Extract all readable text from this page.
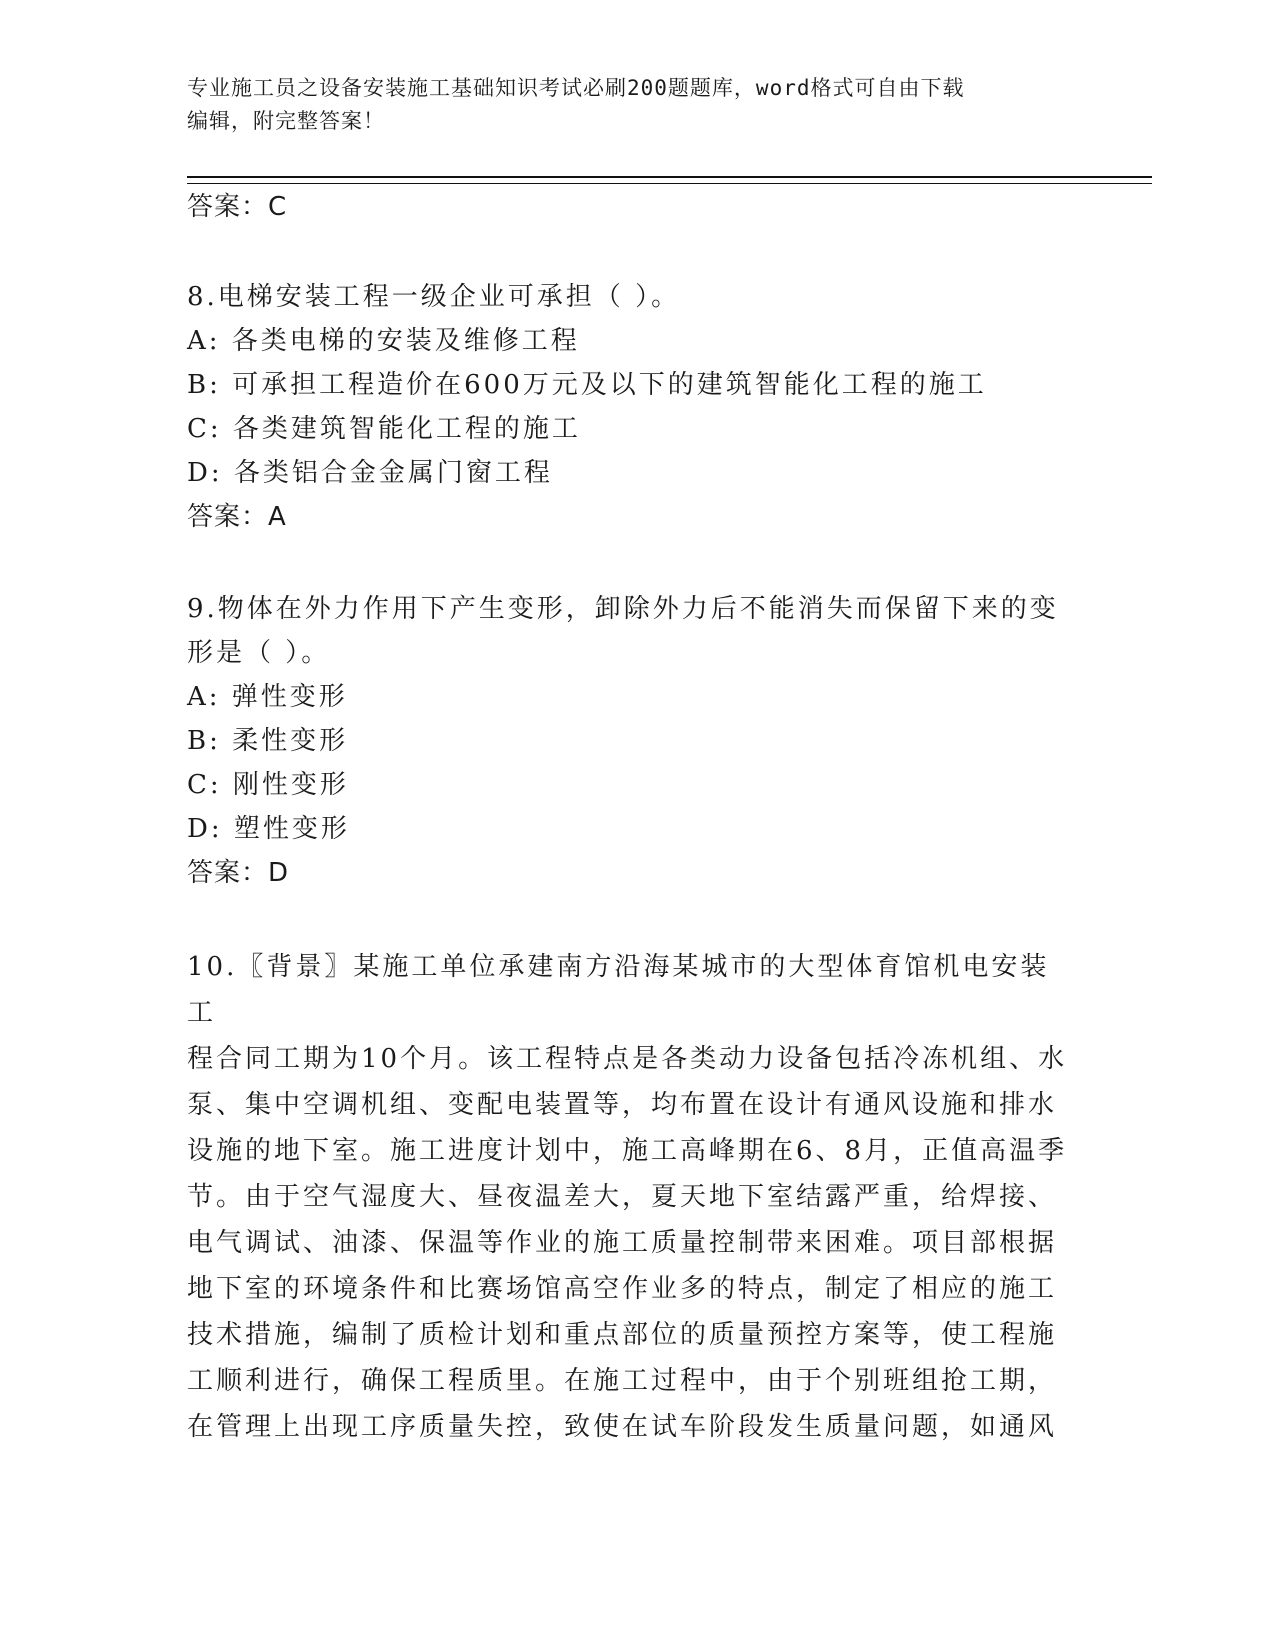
专业施工员之设备安装施工基础知识考试必刷200题题库，word格式可自由下载
编辑，附完整答案！
答案：C
8.电梯安装工程一级企业可承担（ ）。
A: 各类电梯的安装及维修工程
B: 可承担工程造价在600万元及以下的建筑智能化工程的施工
C: 各类建筑智能化工程的施工
D: 各类铝合金金属门窗工程
答案：A
9.物体在外力作用下产生变形，卸除外力后不能消失而保留下来的变
形是（ ）。
A: 弹性变形
B: 柔性变形
C: 刚性变形
D: 塑性变形
答案：D
10.〖背景〗某施工单位承建南方沿海某城市的大型体育馆机电安装工
程合同工期为10个月。该工程特点是各类动力设备包括冷冻机组、水
泵、集中空调机组、变配电装置等，均布置在设计有通风设施和排水
设施的地下室。施工进度计划中，施工高峰期在6、8月，正值高温季
节。由于空气湿度大、昼夜温差大，夏天地下室结露严重，给焊接、
电气调试、油漆、保温等作业的施工质量控制带来困难。项目部根据
地下室的环境条件和比赛场馆高空作业多的特点，制定了相应的施工
技术措施，编制了质检计划和重点部位的质量预控方案等，使工程施
工顺利进行，确保工程质里。在施工过程中，由于个别班组抢工期，
在管理上出现工序质量失控，致使在试车阶段发生质量问题，如通风
